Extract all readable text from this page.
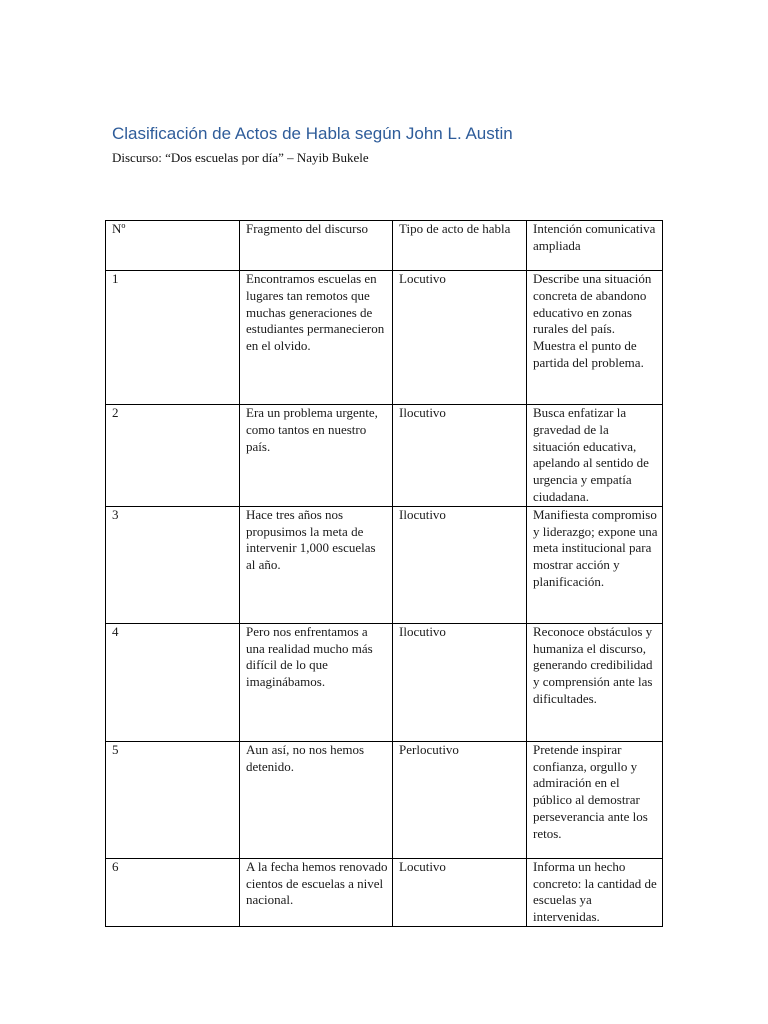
Clasificación de Actos de Habla según John L. Austin

Discurso: “Dos escuelas por día” – Nayib Bukele

Nº	Fragmento del discurso	Tipo de acto de habla	Intención comunicativa ampliada
1	Encontramos escuelas en lugares tan remotos que muchas generaciones de estudiantes permanecieron en el olvido.	Locutivo	Describe una situación concreta de abandono educativo en zonas rurales del país. Muestra el punto de partida del problema.
2	Era un problema urgente, como tantos en nuestro país.	Ilocutivo	Busca enfatizar la gravedad de la situación educativa, apelando al sentido de urgencia y empatía ciudadana.
3	Hace tres años nos propusimos la meta de intervenir 1,000 escuelas al año.	Ilocutivo	Manifiesta compromiso y liderazgo; expone una meta institucional para mostrar acción y planificación.
4	Pero nos enfrentamos a una realidad mucho más difícil de lo que imaginábamos.	Ilocutivo	Reconoce obstáculos y humaniza el discurso, generando credibilidad y comprensión ante las dificultades.
5	Aun así, no nos hemos detenido.	Perlocutivo	Pretende inspirar confianza, orgullo y admiración en el público al demostrar perseverancia ante los retos.
6	A la fecha hemos renovado cientos de escuelas a nivel nacional.	Locutivo	Informa un hecho concreto: la cantidad de escuelas ya intervenidas.
